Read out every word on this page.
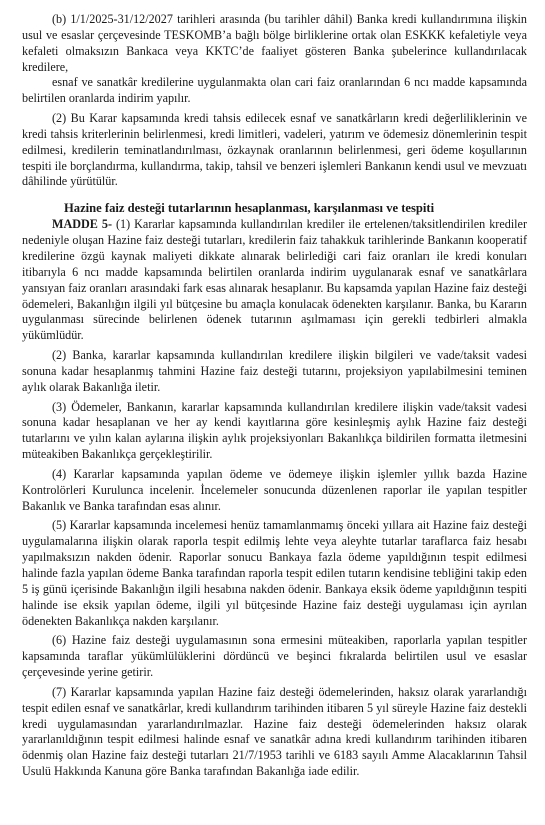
(b) 1/1/2025-31/12/2027 tarihleri arasında (bu tarihler dâhil) Banka kredi kullandırımına ilişkin usul ve esaslar çerçevesinde TESKOMB’a bağlı bölge birliklerine ortak olan ESKKK kefaletiyle veya kefaleti olmaksızın Bankaca veya KKTC’de faaliyet gösteren Banka şubelerince kullandırılacak kredilere,

esnaf ve sanatkâr kredilerine uygulanmakta olan cari faiz oranlarından 6 ncı madde kapsamında belirtilen oranlarda indirim yapılır.

(2) Bu Karar kapsamında kredi tahsis edilecek esnaf ve sanatkârların kredi değerliliklerinin ve kredi tahsis kriterlerinin belirlenmesi, kredi limitleri, vadeleri, yatırım ve ödemesiz dönemlerinin tespit edilmesi, kredilerin teminatlandırılması, özkaynak oranlarının belirlenmesi, geri ödeme koşullarının tespiti ile borçlandırma, kullandırma, takip, tahsil ve benzeri işlemleri Bankanın kendi usul ve mevzuatı dâhilinde yürütülür.

Hazine faiz desteği tutarlarının hesaplanması, karşılanması ve tespiti

MADDE 5- (1) Kararlar kapsamında kullandırılan krediler ile ertelenen/taksitlendirilen krediler nedeniyle oluşan Hazine faiz desteği tutarları, kredilerin faiz tahakkuk tarihlerinde Bankanın kooperatif kredilerine özgü kaynak maliyeti dikkate alınarak belirlediği cari faiz oranları ile kredi konuları itibarıyla 6 ncı madde kapsamında belirtilen oranlarda indirim uygulanarak esnaf ve sanatkârlara yansıyan faiz oranları arasındaki fark esas alınarak hesaplanır. Bu kapsamda yapılan Hazine faiz desteği ödemeleri, Bakanlığın ilgili yıl bütçesine bu amaçla konulacak ödenekten karşılanır. Banka, bu Kararın uygulanması sürecinde belirlenen ödenek tutarının aşılmaması için gerekli tedbirleri almakla yükümlüdür.

(2) Banka, kararlar kapsamında kullandırılan kredilere ilişkin bilgileri ve vade/taksit vadesi sonuna kadar hesaplanmış tahmini Hazine faiz desteği tutarını, projeksiyon yapılabilmesini teminen aylık olarak Bakanlığa iletir.

(3) Ödemeler, Bankanın, kararlar kapsamında kullandırılan kredilere ilişkin vade/taksit vadesi sonuna kadar hesaplanan ve her ay kendi kayıtlarına göre kesinleşmiş aylık Hazine faiz desteği tutarlarını ve yılın kalan aylarına ilişkin aylık projeksiyonları Bakanlıkça bildirilen formatta iletmesini müteakiben Bakanlıkça gerçekleştirilir.

(4) Kararlar kapsamında yapılan ödeme ve ödemeye ilişkin işlemler yıllık bazda Hazine Kontrolörleri Kurulunca incelenir. İncelemeler sonucunda düzenlenen raporlar ile yapılan tespitler Bakanlık ve Banka tarafından esas alınır.

(5) Kararlar kapsamında incelemesi henüz tamamlanmamış önceki yıllara ait Hazine faiz desteği uygulamalarına ilişkin olarak raporla tespit edilmiş lehte veya aleyhte tutarlar taraflarca faiz hesabı yapılmaksızın nakden ödenir. Raporlar sonucu Bankaya fazla ödeme yapıldığının tespit edilmesi halinde fazla yapılan ödeme Banka tarafından raporla tespit edilen tutarın kendisine tebliğini takip eden 5 iş günü içerisinde Bakanlığın ilgili hesabına nakden ödenir. Bankaya eksik ödeme yapıldığının tespiti halinde ise eksik yapılan ödeme, ilgili yıl bütçesinde Hazine faiz desteği uygulaması için ayrılan ödenekten Bakanlıkça nakden karşılanır.

(6) Hazine faiz desteği uygulamasının sona ermesini müteakiben, raporlarla yapılan tespitler kapsamında taraflar yükümlülüklerini dördüncü ve beşinci fıkralarda belirtilen usul ve esaslar çerçevesinde yerine getirir.

(7) Kararlar kapsamında yapılan Hazine faiz desteği ödemelerinden, haksız olarak yararlandığı tespit edilen esnaf ve sanatkârlar, kredi kullandırım tarihinden itibaren 5 yıl süreyle Hazine faiz destekli kredi uygulamasından yararlandırılmazlar. Hazine faiz desteği ödemelerinden haksız olarak yararlanıldığının tespit edilmesi halinde esnaf ve sanatkâr adına kredi kullandırım tarihinden itibaren ödenmiş olan Hazine faiz desteği tutarları 21/7/1953 tarihli ve 6183 sayılı Amme Alacaklarının Tahsil Usulü Hakkında Kanuna göre Banka tarafından Bakanlığa iade edilir.
